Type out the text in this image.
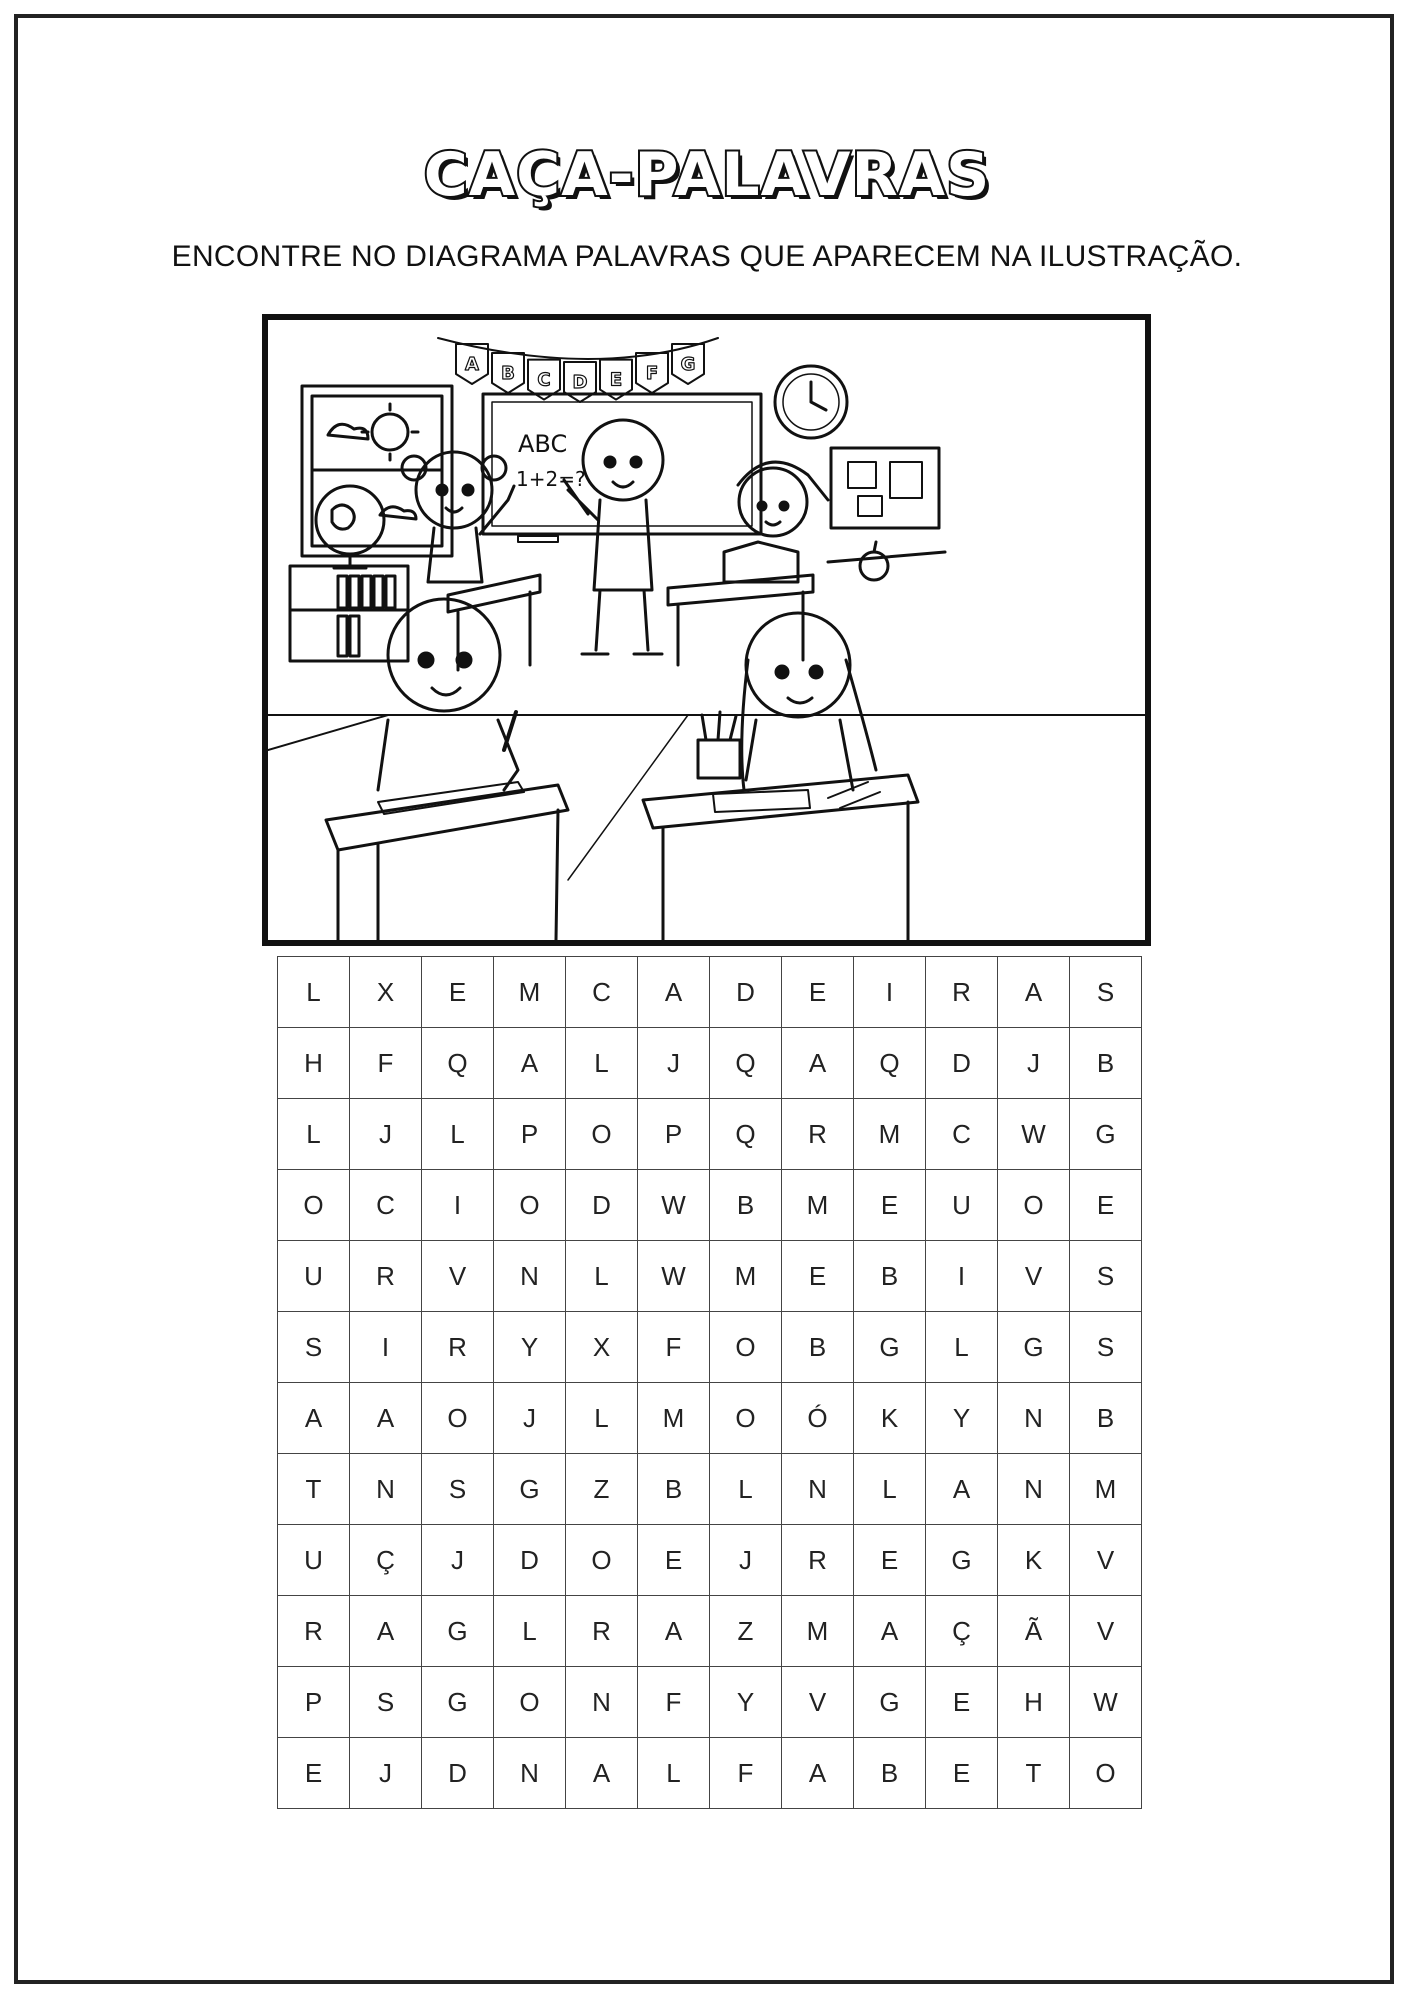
CAÇA-PALAVRAS
ENCONTRE NO DIAGRAMA PALAVRAS QUE APARECEM NA ILUSTRAÇÃO.
A B C D E F G
ABC
1+2=?
L	X	E	M	C	A	D	E	I	R	A	S
H	F	Q	A	L	J	Q	A	Q	D	J	B
L	J	L	P	O	P	Q	R	M	C	W	G
O	C	I	O	D	W	B	M	E	U	O	E
U	R	V	N	L	W	M	E	B	I	V	S
S	I	R	Y	X	F	O	B	G	L	G	S
A	A	O	J	L	M	O	Ó	K	Y	N	B
T	N	S	G	Z	B	L	N	L	A	N	M
U	Ç	J	D	O	E	J	R	E	G	K	V
R	A	G	L	R	A	Z	M	A	Ç	Ã	V
P	S	G	O	N	F	Y	V	G	E	H	W
E	J	D	N	A	L	F	A	B	E	T	O
